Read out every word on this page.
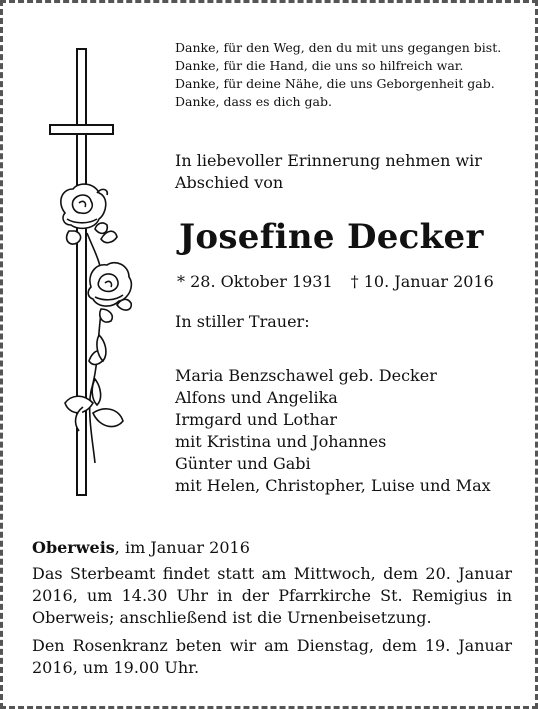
Danke, für den Weg, den du mit uns gegangen bist.
Danke, für die Hand, die uns so hilfreich war.
Danke, für deine Nähe, die uns Geborgenheit gab.
Danke, dass es dich gab.
In liebevoller Erinnerung nehmen wir
Abschied von
Josefine Decker
* 28. Oktober 1931 † 10. Januar 2016
In stiller Trauer:
Maria Benzschawel geb. Decker
Alfons und Angelika
Irmgard und Lothar
mit Kristina und Johannes
Günter und Gabi
mit Helen, Christopher, Luise und Max

Oberweis, im Januar 2016

Das Sterbeamt findet statt am Mittwoch, dem 20. Januar 2016, um 14.30 Uhr in der Pfarrkirche St. Remigius in Oberweis; anschließend ist die Urnenbeisetzung.

Den Rosenkranz beten wir am Dienstag, dem 19. Januar 2016, um 19.00 Uhr.
